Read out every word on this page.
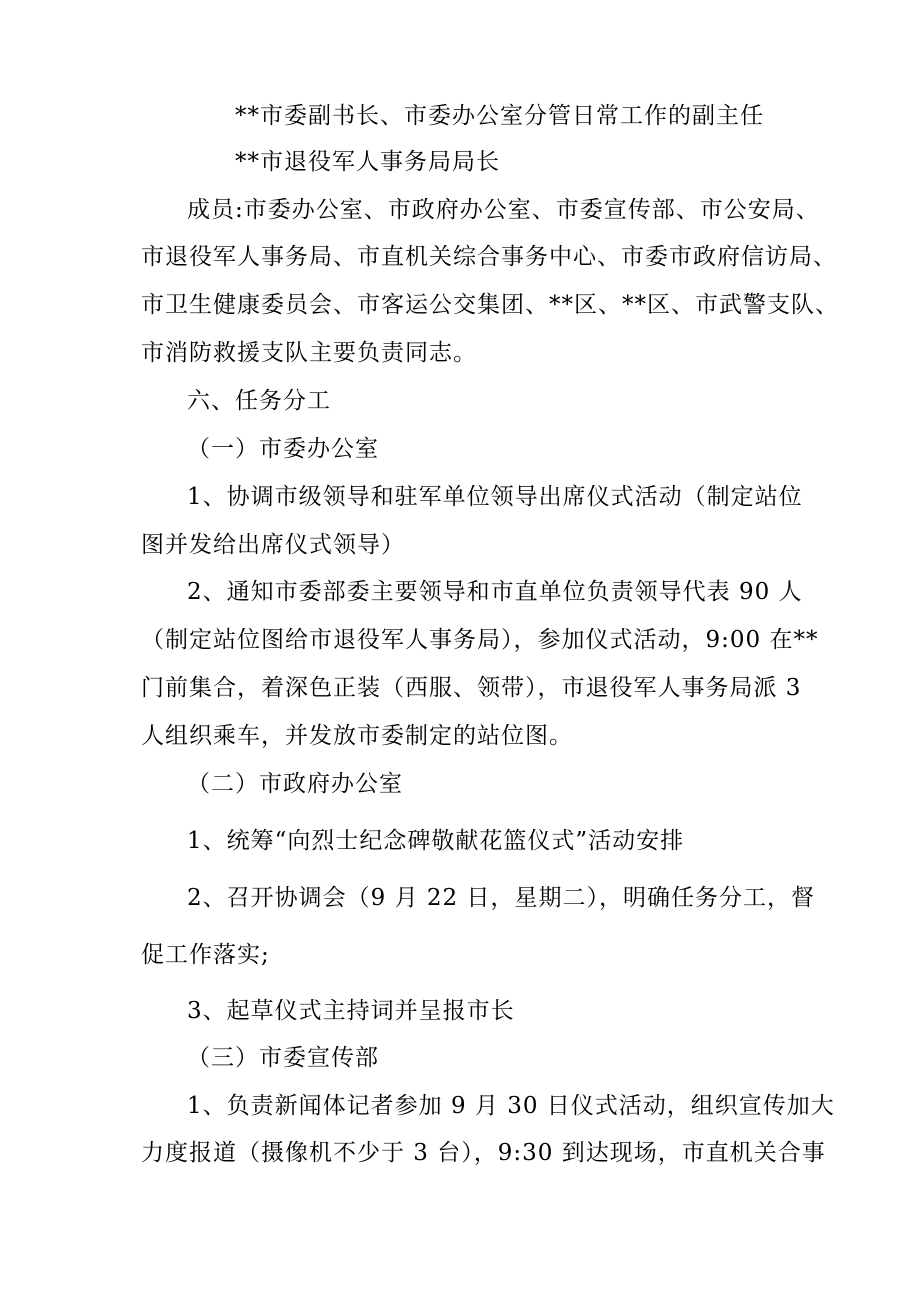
**市委副书长、市委办公室分管日常工作的副主任
**市退役军人事务局局长
成员:市委办公室、市政府办公室、市委宣传部、市公安局、
市退役军人事务局、市直机关综合事务中心、市委市政府信访局、
市卫生健康委员会、市客运公交集团、**区、**区、市武警支队、
市消防救援支队主要负责同志。
六、任务分工
（一）市委办公室
1、协调市级领导和驻军单位领导出席仪式活动（制定站位
图并发给出席仪式领导）
2、通知市委部委主要领导和市直单位负责领导代表 90 人
（制定站位图给市退役军人事务局），参加仪式活动，9:00 在**
门前集合，着深色正装（西服、领带），市退役军人事务局派 3
人组织乘车，并发放市委制定的站位图。
（二）市政府办公室
1、统筹“向烈士纪念碑敬献花篮仪式”活动安排
2、召开协调会（9 月 22 日，星期二），明确任务分工，督
促工作落实;
3、起草仪式主持词并呈报市长
（三）市委宣传部
1、负责新闻体记者参加 9 月 30 日仪式活动，组织宣传加大
力度报道（摄像机不少于 3 台），9:30 到达现场，市直机关合事
